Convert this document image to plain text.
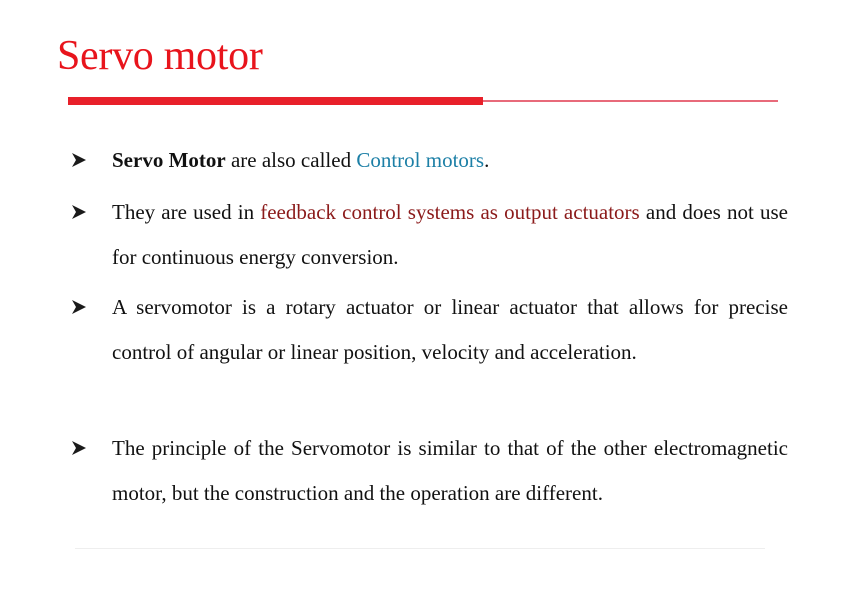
Servo motor

Servo Motor are also called Control motors.

They are used in feedback control systems as output actuators and does not use for continuous energy conversion.

A servomotor is a rotary actuator or linear actuator that allows for precise control of angular or linear position, velocity and acceleration.

The principle of the Servomotor is similar to that of the other electromagnetic motor, but the construction and the operation are different.
